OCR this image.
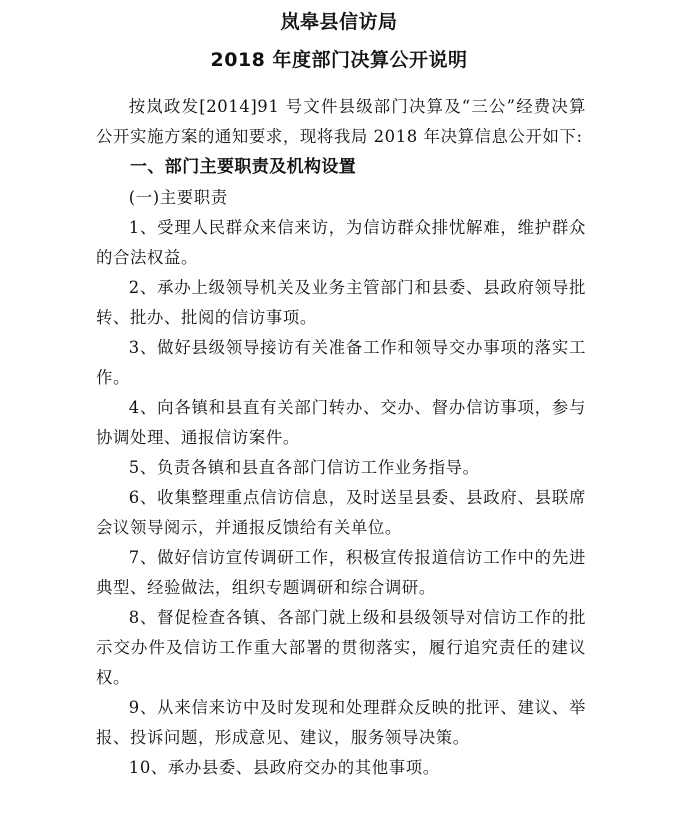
岚皋县信访局
2018 年度部门决算公开说明

按岚政发[2014]91 号文件县级部门决算及“三公”经费决算公开实施方案的通知要求，现将我局 2018 年决算信息公开如下:

一、部门主要职责及机构设置

(一)主要职责

1、受理人民群众来信来访，为信访群众排忧解难，维护群众的合法权益。

2、承办上级领导机关及业务主管部门和县委、县政府领导批转、批办、批阅的信访事项。

3、做好县级领导接访有关准备工作和领导交办事项的落实工作。

4、向各镇和县直有关部门转办、交办、督办信访事项，参与协调处理、通报信访案件。

5、负责各镇和县直各部门信访工作业务指导。

6、收集整理重点信访信息，及时送呈县委、县政府、县联席会议领导阅示，并通报反馈给有关单位。

7、做好信访宣传调研工作，积极宣传报道信访工作中的先进典型、经验做法，组织专题调研和综合调研。

8、督促检查各镇、各部门就上级和县级领导对信访工作的批示交办件及信访工作重大部署的贯彻落实，履行追究责任的建议权。

9、从来信来访中及时发现和处理群众反映的批评、建议、举报、投诉问题，形成意见、建议，服务领导决策。

10、承办县委、县政府交办的其他事项。
